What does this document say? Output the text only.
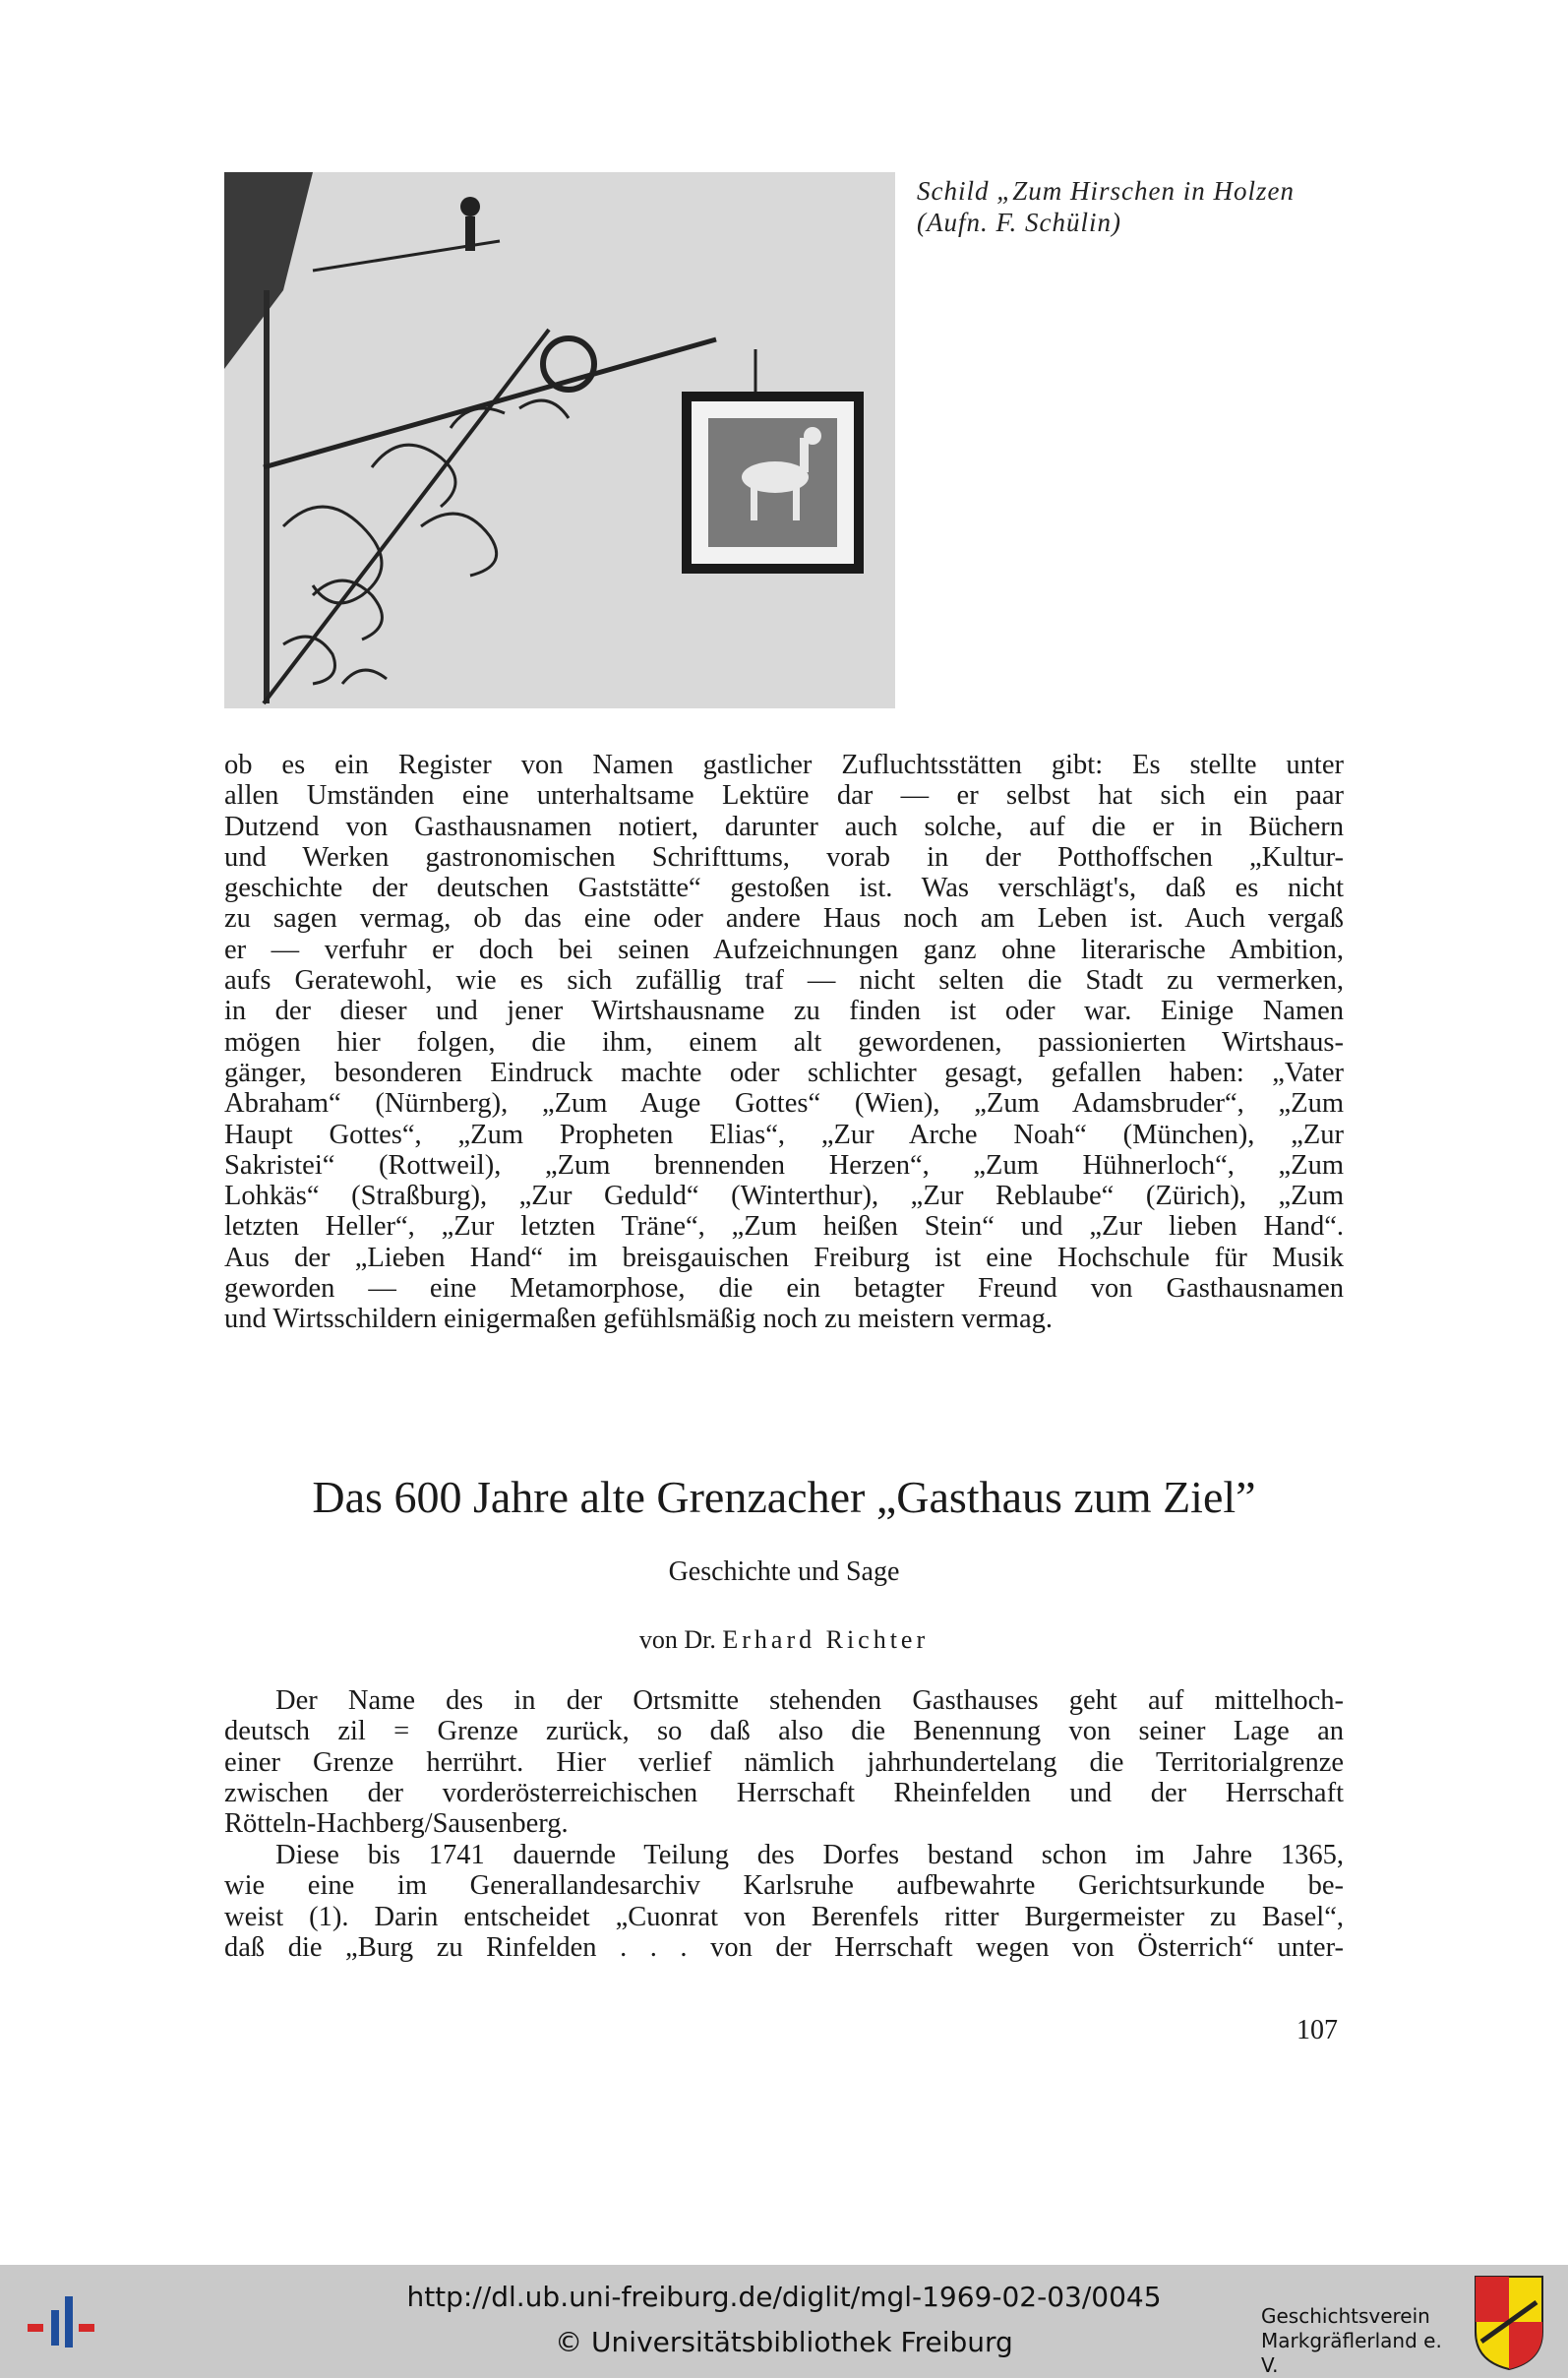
Schild „Zum Hirschen in Holzen
(Aufn. F. Schülin)
ob es ein Register von Namen gastlicher Zufluchtsstätten gibt: Es stellte unter
allen Umständen eine unterhaltsame Lektüre dar — er selbst hat sich ein paar
Dutzend von Gasthausnamen notiert, darunter auch solche, auf die er in Büchern
und Werken gastronomischen Schrifttums, vorab in der Potthoffschen „Kultur-
geschichte der deutschen Gaststätte“ gestoßen ist. Was verschlägt's, daß es nicht
zu sagen vermag, ob das eine oder andere Haus noch am Leben ist. Auch vergaß
er — verfuhr er doch bei seinen Aufzeichnungen ganz ohne literarische Ambition,
aufs Geratewohl, wie es sich zufällig traf — nicht selten die Stadt zu vermerken,
in der dieser und jener Wirtshausname zu finden ist oder war. Einige Namen
mögen hier folgen, die ihm, einem alt gewordenen, passionierten Wirtshaus-
gänger, besonderen Eindruck machte oder schlichter gesagt, gefallen haben: „Vater
Abraham“ (Nürnberg), „Zum Auge Gottes“ (Wien), „Zum Adamsbruder“, „Zum
Haupt Gottes“, „Zum Propheten Elias“, „Zur Arche Noah“ (München), „Zur
Sakristei“ (Rottweil), „Zum brennenden Herzen“, „Zum Hühnerloch“, „Zum
Lohkäs“ (Straßburg), „Zur Geduld“ (Winterthur), „Zur Reblaube“ (Zürich), „Zum
letzten Heller“, „Zur letzten Träne“, „Zum heißen Stein“ und „Zur lieben Hand“.
Aus der „Lieben Hand“ im breisgauischen Freiburg ist eine Hochschule für Musik
geworden — eine Metamorphose, die ein betagter Freund von Gasthausnamen
und Wirtsschildern einigermaßen gefühlsmäßig noch zu meistern vermag.
Das 600 Jahre alte Grenzacher „Gasthaus zum Ziel”
Geschichte und Sage
von Dr. Erhard Richter
Der Name des in der Ortsmitte stehenden Gasthauses geht auf mittelhoch-
deutsch zil = Grenze zurück, so daß also die Benennung von seiner Lage an
einer Grenze herrührt. Hier verlief nämlich jahrhundertelang die Territorialgrenze
zwischen der vorderösterreichischen Herrschaft Rheinfelden und der Herrschaft
Rötteln-Hachberg/Sausenberg.
Diese bis 1741 dauernde Teilung des Dorfes bestand schon im Jahre 1365,
wie eine im Generallandesarchiv Karlsruhe aufbewahrte Gerichtsurkunde be-
weist (1). Darin entscheidet „Cuonrat von Berenfels ritter Burgermeister zu Basel“,
daß die „Burg zu Rinfelden . . . von der Herrschaft wegen von Österrich“ unter-
107
http://dl.ub.uni-freiburg.de/diglit/mgl-1969-02-03/0045
© Universitätsbibliothek Freiburg
Geschichtsverein
Markgräflerland e. V.
